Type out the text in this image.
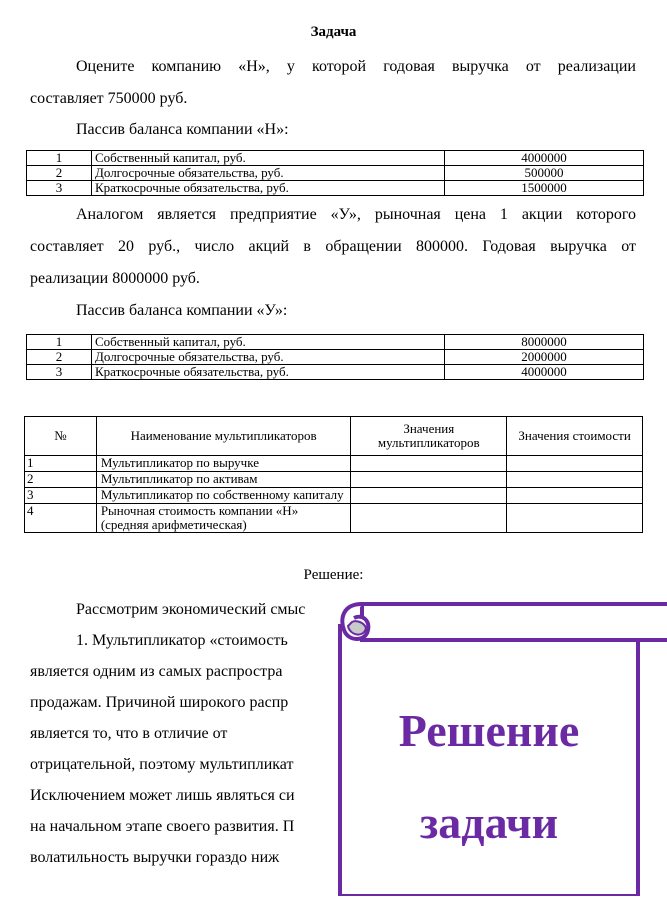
Задача
Оцените компанию «Н», у которой годовая выручка от реализации
составляет 750000 руб.
Пассив баланса компании «Н»:
1	Собственный капитал, руб.	4000000
2	Долгосрочные обязательства, руб.	500000
3	Краткосрочные обязательства, руб.	1500000
Аналогом является предприятие «У», рыночная цена 1 акции которого
составляет 20 руб., число акций в обращении 800000. Годовая выручка от
реализации 8000000 руб.
Пассив баланса компании «У»:
1	Собственный капитал, руб.	8000000
2	Долгосрочные обязательства, руб.	2000000
3	Краткосрочные обязательства, руб.	4000000
№	Наименование мультипликаторов	Значения мультипликаторов	Значения стоимости
1	Мультипликатор по выручке		
2	Мультипликатор по активам		
3	Мультипликатор по собственному капиталу		
4	Рыночная стоимость компании «Н» (средняя арифметическая)		
Решение:
Рассмотрим экономический смыс
1. Мультипликатор «стоимость
является одним из самых распростра
продажам. Причиной широкого распр
является то, что в отличие от
отрицательной, поэтому мультипликат
Исключением может лишь являться си
на начальном этапе своего развития. П
волатильность выручки гораздо ниж
Решение
задачи
